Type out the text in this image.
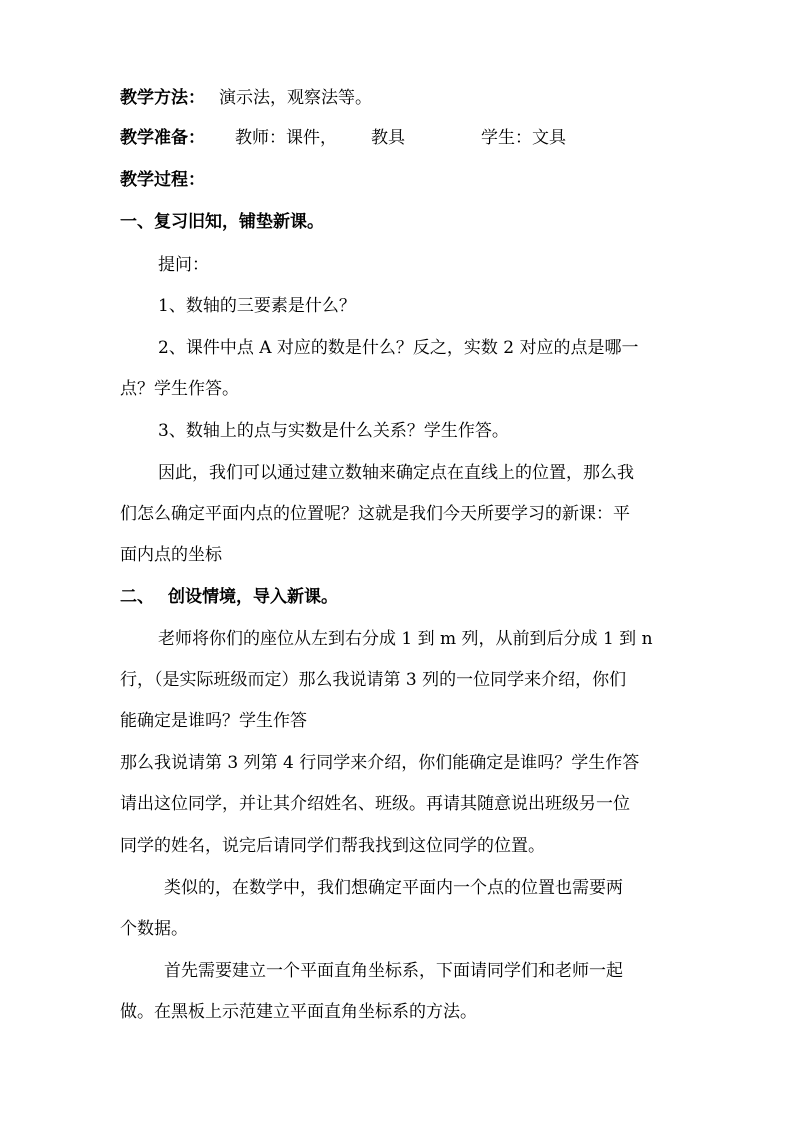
教学方法： 演示法，观察法等。
教学准备： 教师：课件， 教具	学生：文具
教学过程：
一、复习旧知，铺垫新课。
提问：
1、数轴的三要素是什么？
2、课件中点 A 对应的数是什么？反之，实数 2 对应的点是哪一
点？学生作答。
3、数轴上的点与实数是什么关系？学生作答。
因此，我们可以通过建立数轴来确定点在直线上的位置，那么我
们怎么确定平面内点的位置呢？这就是我们今天所要学习的新课：平
面内点的坐标
二、 创设情境，导入新课。
老师将你们的座位从左到右分成 1 到 m 列，从前到后分成 1 到 n
行，（是实际班级而定）那么我说请第 3 列的一位同学来介绍，你们
能确定是谁吗？学生作答
那么我说请第 3 列第 4 行同学来介绍，你们能确定是谁吗？学生作答
请出这位同学，并让其介绍姓名、班级。再请其随意说出班级另一位
同学的姓名，说完后请同学们帮我找到这位同学的位置。
类似的，在数学中，我们想确定平面内一个点的位置也需要两
个数据。
首先需要建立一个平面直角坐标系，下面请同学们和老师一起
做。在黑板上示范建立平面直角坐标系的方法。
